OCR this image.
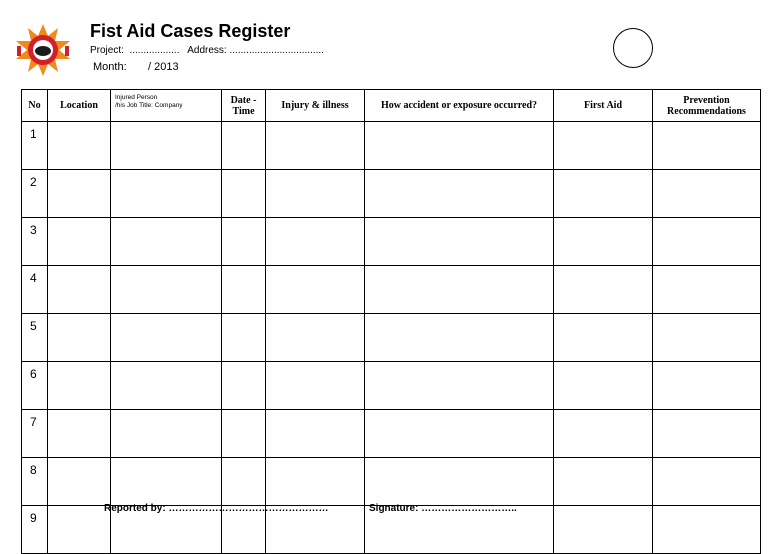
Fist Aid Cases Register
Project:  ..................   Address: ..................................
Month:       / 2013
No	Location	Injured Person
/his Job Title: Company	Date -
Time	Injury & illness	How accident or exposure occurred?	First Aid	Prevention
Recommendations
1							
2							
3							
4							
5							
6							
7							
8							
9							
Reported by: …………………………………………	Signature: ………………………..
